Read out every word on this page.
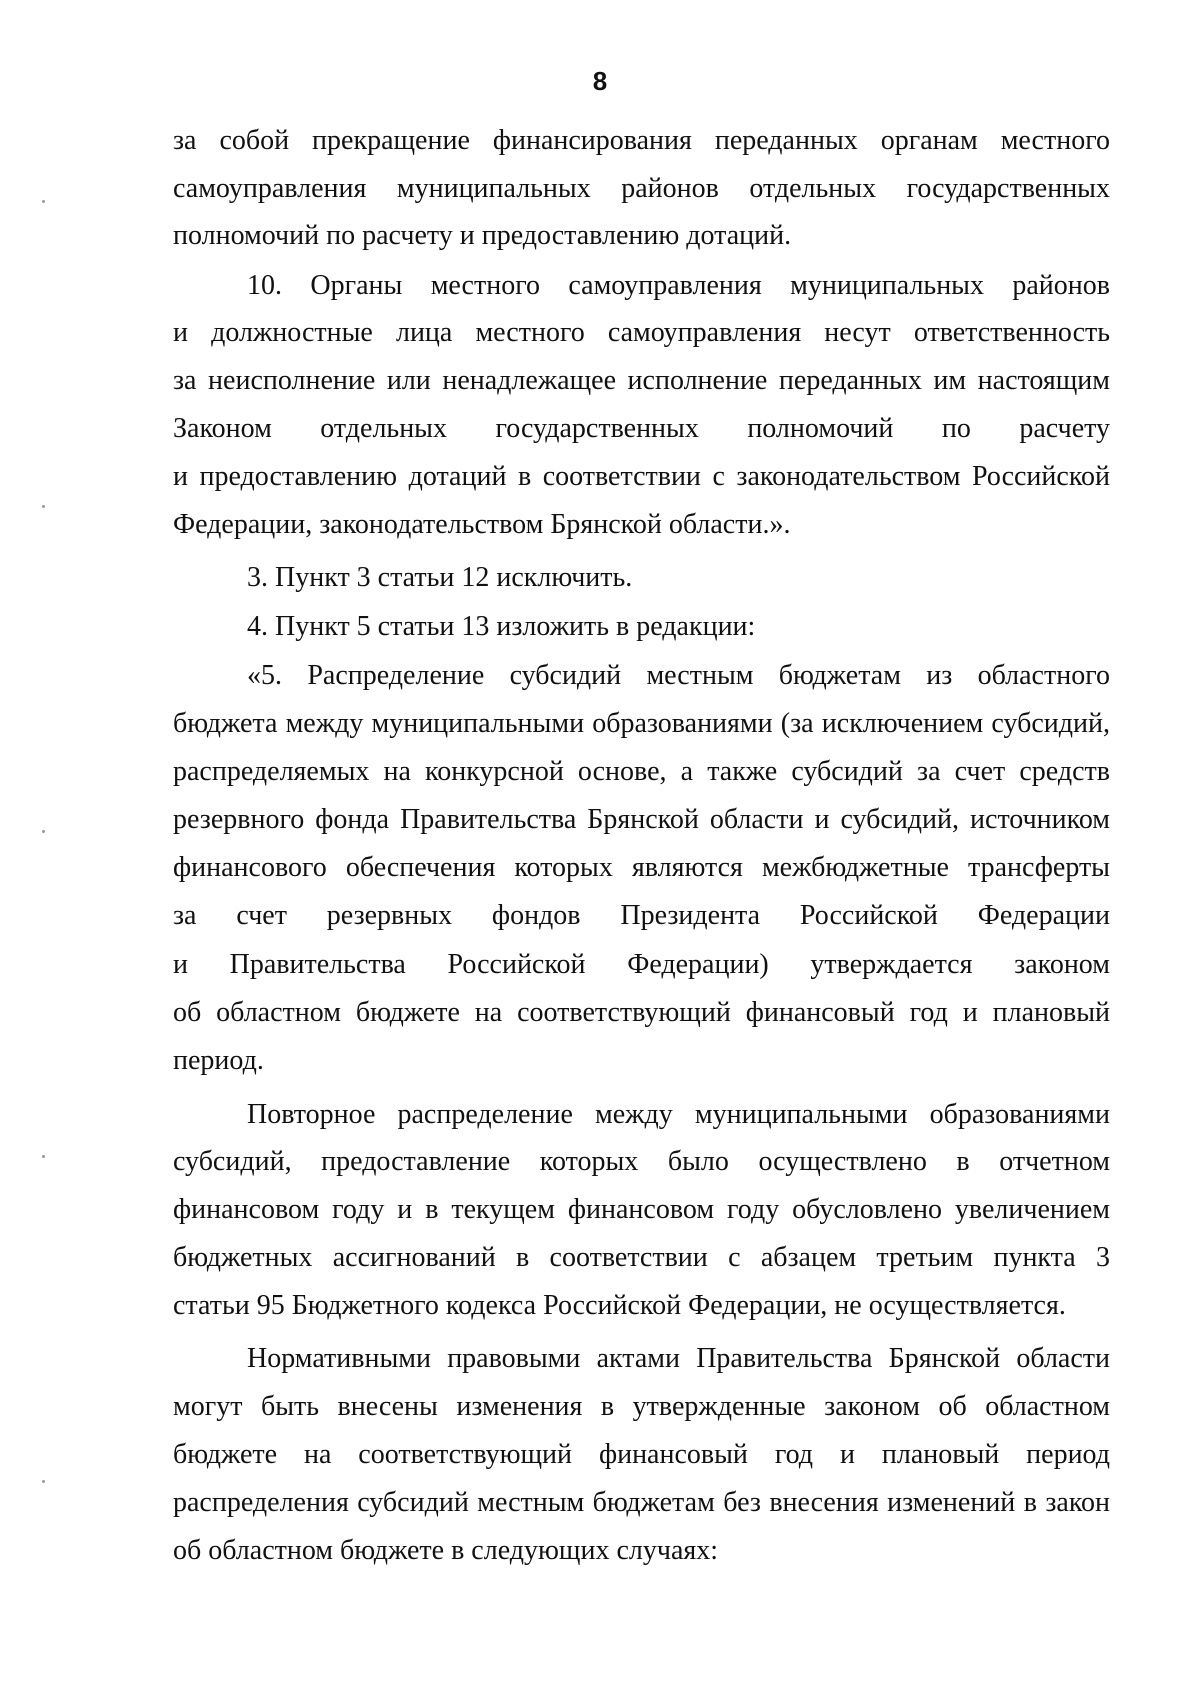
8
за собой прекращение финансирования переданных органам местного
самоуправления муниципальных районов отдельных государственных
полномочий по расчету и предоставлению дотаций.
10. Органы местного самоуправления муниципальных районов
и должностные лица местного самоуправления несут ответственность
за неисполнение или ненадлежащее исполнение переданных им настоящим
Законом отдельных государственных полномочий по расчету
и предоставлению дотаций в соответствии с законодательством Российской
Федерации, законодательством Брянской области.».
3. Пункт 3 статьи 12 исключить.
4. Пункт 5 статьи 13 изложить в редакции:
«5. Распределение субсидий местным бюджетам из областного
бюджета между муниципальными образованиями (за исключением субсидий,
распределяемых на конкурсной основе, а также субсидий за счет средств
резервного фонда Правительства Брянской области и субсидий, источником
финансового обеспечения которых являются межбюджетные трансферты
за счет резервных фондов Президента Российской Федерации
и Правительства Российской Федерации) утверждается законом
об областном бюджете на соответствующий финансовый год и плановый
период.
Повторное распределение между муниципальными образованиями
субсидий, предоставление которых было осуществлено в отчетном
финансовом году и в текущем финансовом году обусловлено увеличением
бюджетных ассигнований в соответствии с абзацем третьим пункта 3
статьи 95 Бюджетного кодекса Российской Федерации, не осуществляется.
Нормативными правовыми актами Правительства Брянской области
могут быть внесены изменения в утвержденные законом об областном
бюджете на соответствующий финансовый год и плановый период
распределения субсидий местным бюджетам без внесения изменений в закон
об областном бюджете в следующих случаях:
